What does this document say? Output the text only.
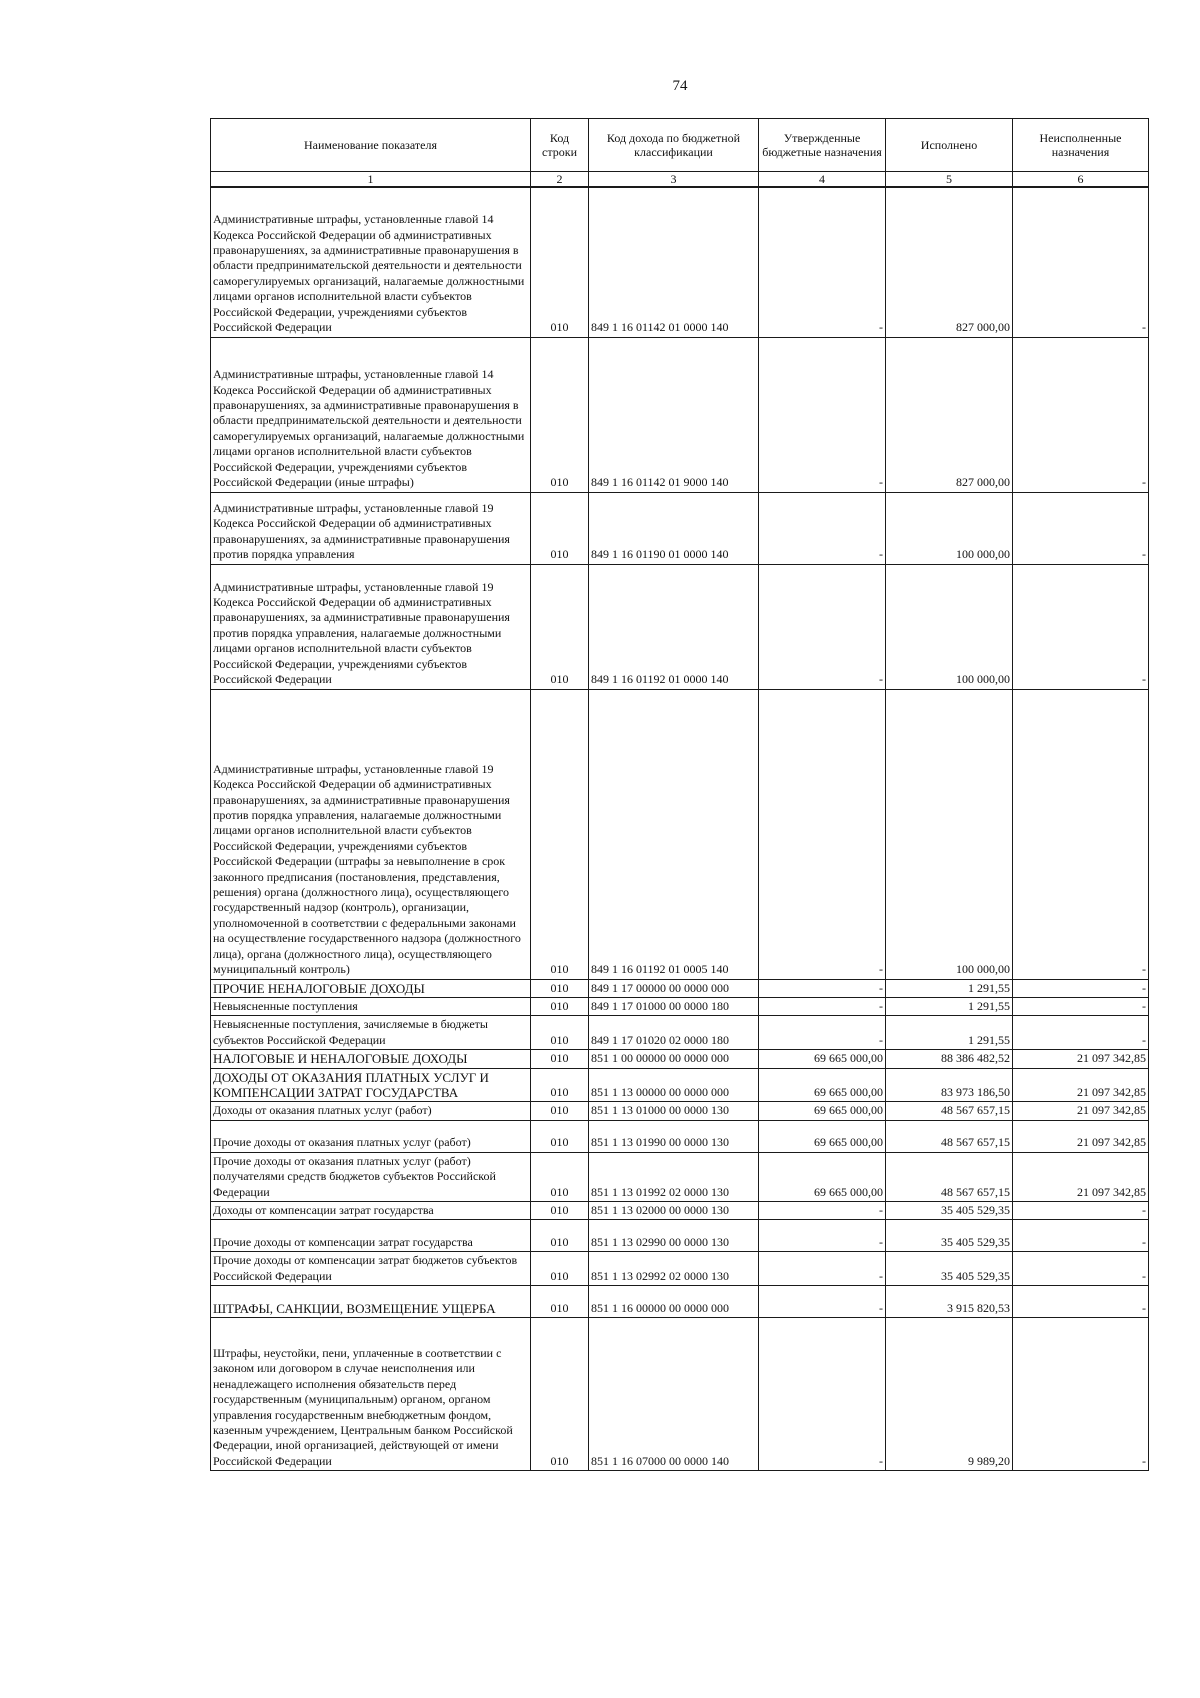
74
Наименование показателя	Код строки	Код дохода по бюджетной классификации	Утвержденные бюджетные назначения	Исполнено	Неисполненные назначения
1	2	3	4	5	6
Административные штрафы, установленные главой 14 Кодекса Российской Федерации об административных правонарушениях, за административные правонарушения в области предпринимательской деятельности и деятельности саморегулируемых организаций, налагаемые должностными лицами органов исполнительной власти субъектов Российской Федерации, учреждениями субъектов Российской Федерации	010	849 1 16 01142 01 0000 140	-	827 000,00	-
Административные штрафы, установленные главой 14 Кодекса Российской Федерации об административных правонарушениях, за административные правонарушения в области предпринимательской деятельности и деятельности саморегулируемых организаций, налагаемые должностными лицами органов исполнительной власти субъектов Российской Федерации, учреждениями субъектов Российской Федерации (иные штрафы)	010	849 1 16 01142 01 9000 140	-	827 000,00	-
Административные штрафы, установленные главой 19 Кодекса Российской Федерации об административных правонарушениях, за административные правонарушения против порядка управления	010	849 1 16 01190 01 0000 140	-	100 000,00	-
Административные штрафы, установленные главой 19 Кодекса Российской Федерации об административных правонарушениях, за административные правонарушения против порядка управления, налагаемые должностными лицами органов исполнительной власти субъектов Российской Федерации, учреждениями субъектов Российской Федерации	010	849 1 16 01192 01 0000 140	-	100 000,00	-
Административные штрафы, установленные главой 19 Кодекса Российской Федерации об административных правонарушениях, за административные правонарушения против порядка управления, налагаемые должностными лицами органов исполнительной власти субъектов Российской Федерации, учреждениями субъектов Российской Федерации (штрафы за невыполнение в срок законного предписания (постановления, представления, решения) органа (должностного лица), осуществляющего государственный надзор (контроль), организации, уполномоченной в соответствии с федеральными законами на осуществление государственного надзора (должностного лица), органа (должностного лица), осуществляющего муниципальный контроль)	010	849 1 16 01192 01 0005 140	-	100 000,00	-
ПРОЧИЕ НЕНАЛОГОВЫЕ ДОХОДЫ	010	849 1 17 00000 00 0000 000	-	1 291,55	-
Невыясненные поступления	010	849 1 17 01000 00 0000 180	-	1 291,55	-
Невыясненные поступления, зачисляемые в бюджеты субъектов Российской Федерации	010	849 1 17 01020 02 0000 180	-	1 291,55	-
НАЛОГОВЫЕ И НЕНАЛОГОВЫЕ ДОХОДЫ	010	851 1 00 00000 00 0000 000	69 665 000,00	88 386 482,52	21 097 342,85
ДОХОДЫ ОТ ОКАЗАНИЯ ПЛАТНЫХ УСЛУГ И КОМПЕНСАЦИИ ЗАТРАТ ГОСУДАРСТВА	010	851 1 13 00000 00 0000 000	69 665 000,00	83 973 186,50	21 097 342,85
Доходы от оказания платных услуг (работ)	010	851 1 13 01000 00 0000 130	69 665 000,00	48 567 657,15	21 097 342,85
Прочие доходы от оказания платных услуг (работ)	010	851 1 13 01990 00 0000 130	69 665 000,00	48 567 657,15	21 097 342,85
Прочие доходы от оказания платных услуг (работ) получателями средств бюджетов субъектов Российской Федерации	010	851 1 13 01992 02 0000 130	69 665 000,00	48 567 657,15	21 097 342,85
Доходы от компенсации затрат государства	010	851 1 13 02000 00 0000 130	-	35 405 529,35	-
Прочие доходы от компенсации затрат государства	010	851 1 13 02990 00 0000 130	-	35 405 529,35	-
Прочие доходы от компенсации затрат бюджетов субъектов Российской Федерации	010	851 1 13 02992 02 0000 130	-	35 405 529,35	-
ШТРАФЫ, САНКЦИИ, ВОЗМЕЩЕНИЕ УЩЕРБА	010	851 1 16 00000 00 0000 000	-	3 915 820,53	-
Штрафы, неустойки, пени, уплаченные в соответствии с законом или договором в случае неисполнения или ненадлежащего исполнения обязательств перед государственным (муниципальным) органом, органом управления государственным внебюджетным фондом, казенным учреждением, Центральным банком Российской Федерации, иной организацией, действующей от имени Российской Федерации	010	851 1 16 07000 00 0000 140	-	9 989,20	-
